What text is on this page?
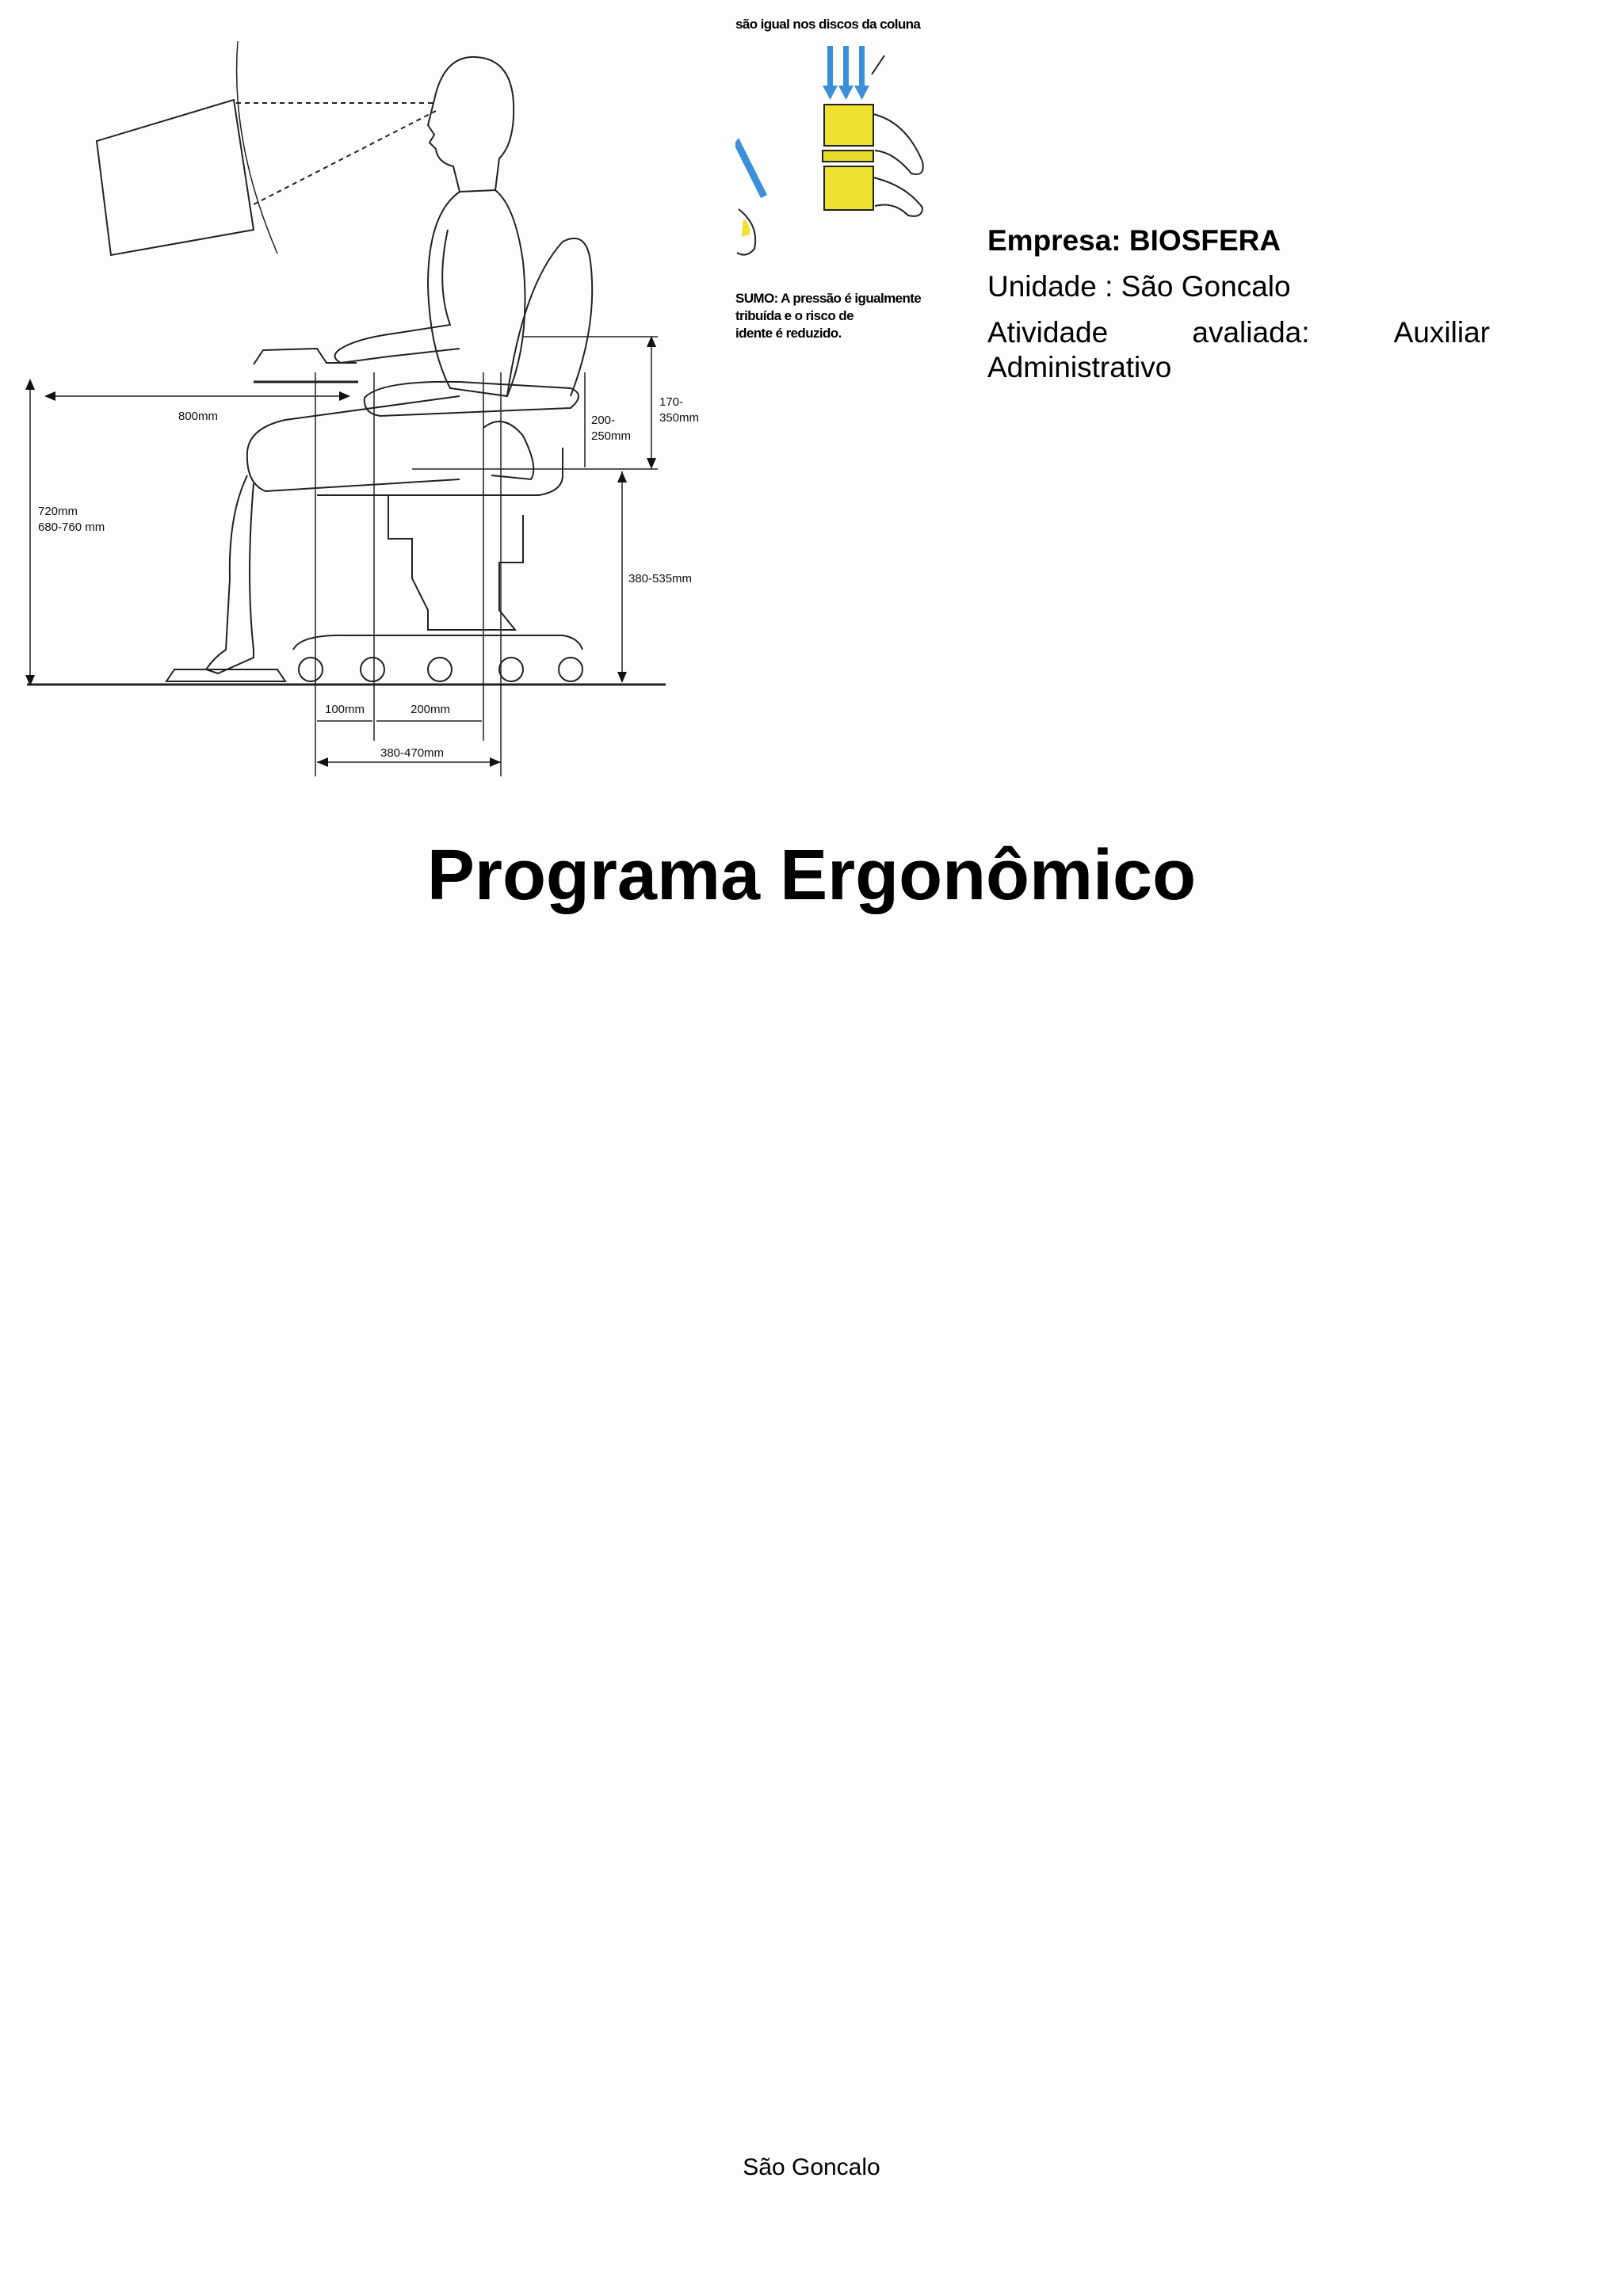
800mm
720mm
680-760 mm
200-
250mm
170-
350mm
380-535mm
100mm	200mm
380-470mm
são igual nos discos da coluna
SUMO: A pressão é igualmente
tribuída e o risco de
idente é reduzido.

Empresa: BIOSFERA

Unidade : São Goncalo

Atividade	avaliada:	Auxiliar

Administrativo
Programa Ergonômico
São Goncalo
